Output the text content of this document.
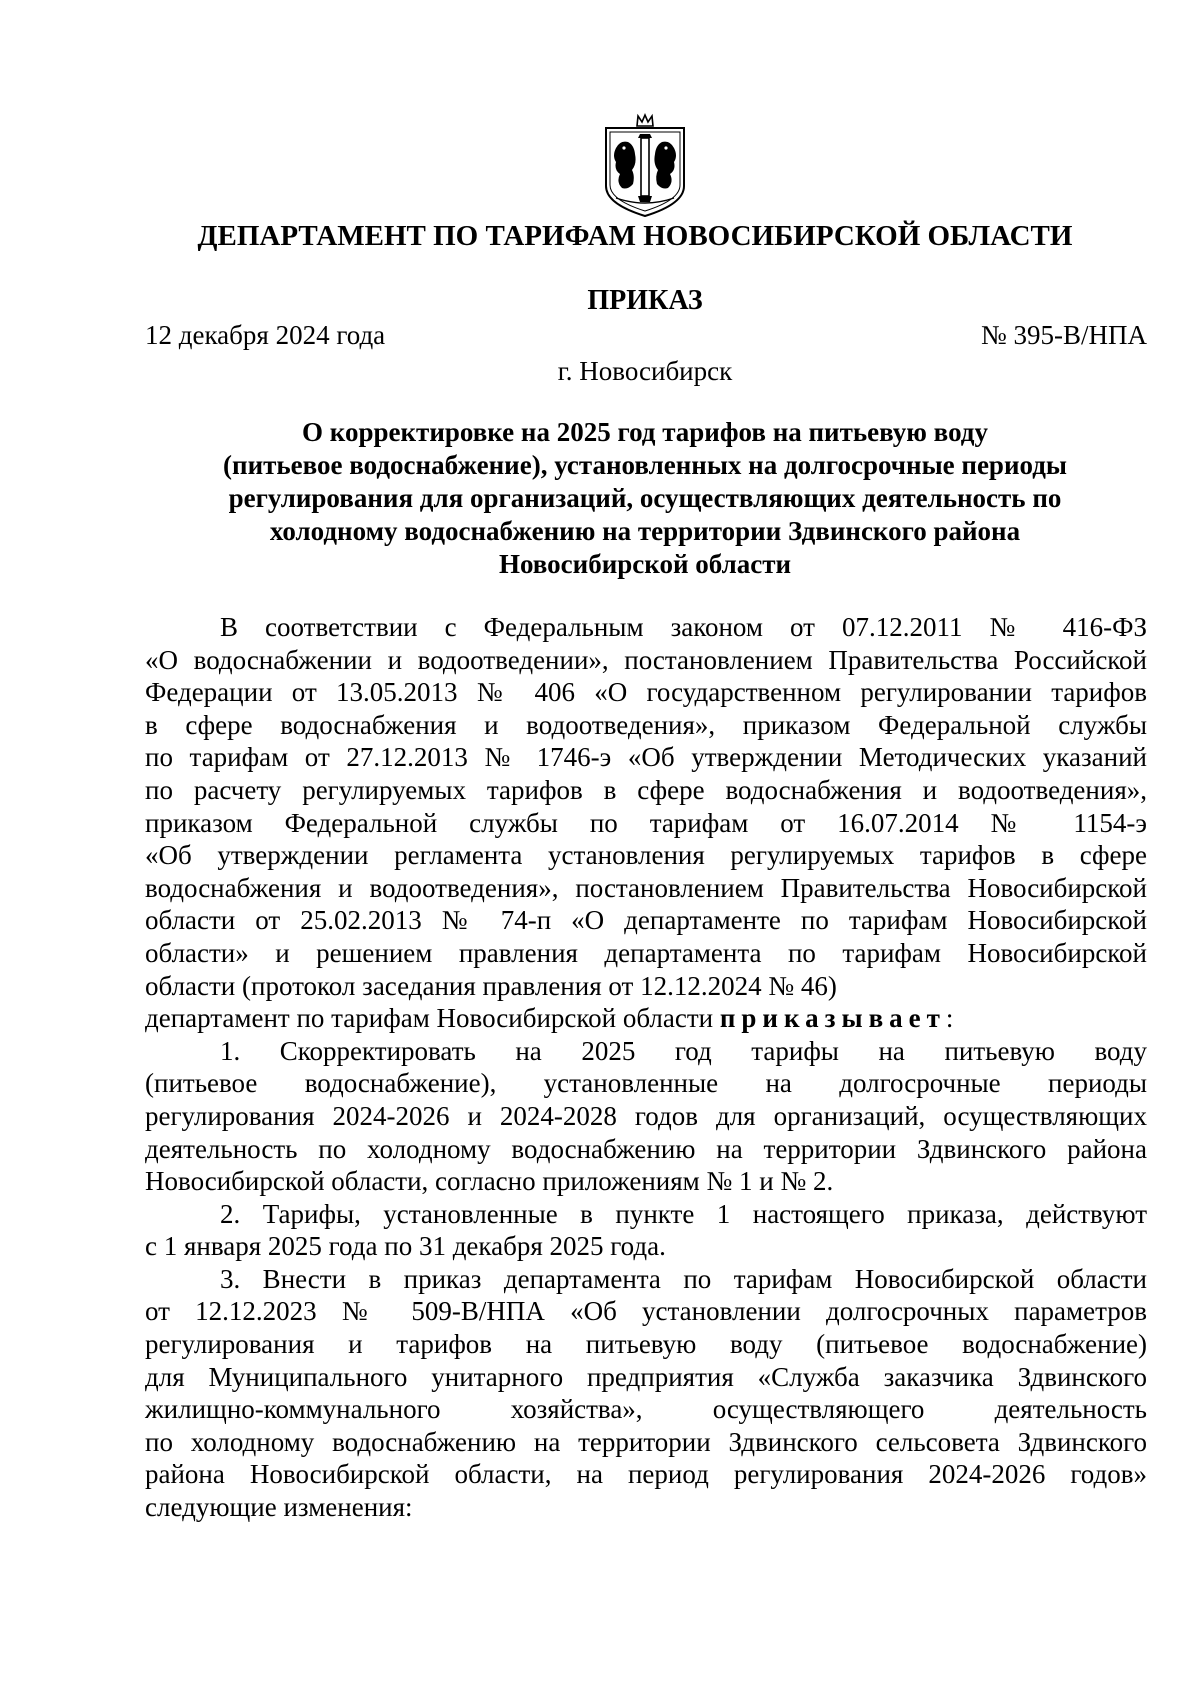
ДЕПАРТАМЕНТ ПО ТАРИФАМ НОВОСИБИРСКОЙ ОБЛАСТИ
ПРИКАЗ
12 декабря 2024 года	№ 395-В/НПА
г. Новосибирск
О корректировке на 2025 год тарифов на питьевую воду
(питьевое водоснабжение), установленных на долгосрочные периоды
регулирования для организаций, осуществляющих деятельность по
холодному водоснабжению на территории Здвинского района
Новосибирской области
В соответствии с Федеральным законом от 07.12.2011 № 416-ФЗ
«О водоснабжении и водоотведении», постановлением Правительства Российской
Федерации от 13.05.2013 № 406 «О государственном регулировании тарифов
в сфере водоснабжения и водоотведения», приказом Федеральной службы
по тарифам от 27.12.2013 № 1746-э «Об утверждении Методических указаний
по расчету регулируемых тарифов в сфере водоснабжения и водоотведения»,
приказом Федеральной службы по тарифам от 16.07.2014 № 1154-э
«Об утверждении регламента установления регулируемых тарифов в сфере
водоснабжения и водоотведения», постановлением Правительства Новосибирской
области от 25.02.2013 № 74-п «О департаменте по тарифам Новосибирской
области» и решением правления департамента по тарифам Новосибирской
области (протокол заседания правления от 12.12.2024 № 46)
департамент по тарифам Новосибирской области приказывает:
1. Скорректировать на 2025 год тарифы на питьевую воду
(питьевое водоснабжение), установленные на долгосрочные периоды
регулирования 2024-2026 и 2024-2028 годов для организаций, осуществляющих
деятельность по холодному водоснабжению на территории Здвинского района
Новосибирской области, согласно приложениям № 1 и № 2.
2. Тарифы, установленные в пункте 1 настоящего приказа, действуют
с 1 января 2025 года по 31 декабря 2025 года.
3. Внести в приказ департамента по тарифам Новосибирской области
от 12.12.2023 № 509-В/НПА «Об установлении долгосрочных параметров
регулирования и тарифов на питьевую воду (питьевое водоснабжение)
для Муниципального унитарного предприятия «Служба заказчика Здвинского
жилищно-коммунального хозяйства», осуществляющего деятельность
по холодному водоснабжению на территории Здвинского сельсовета Здвинского
района Новосибирской области, на период регулирования 2024-2026 годов»
следующие изменения:
